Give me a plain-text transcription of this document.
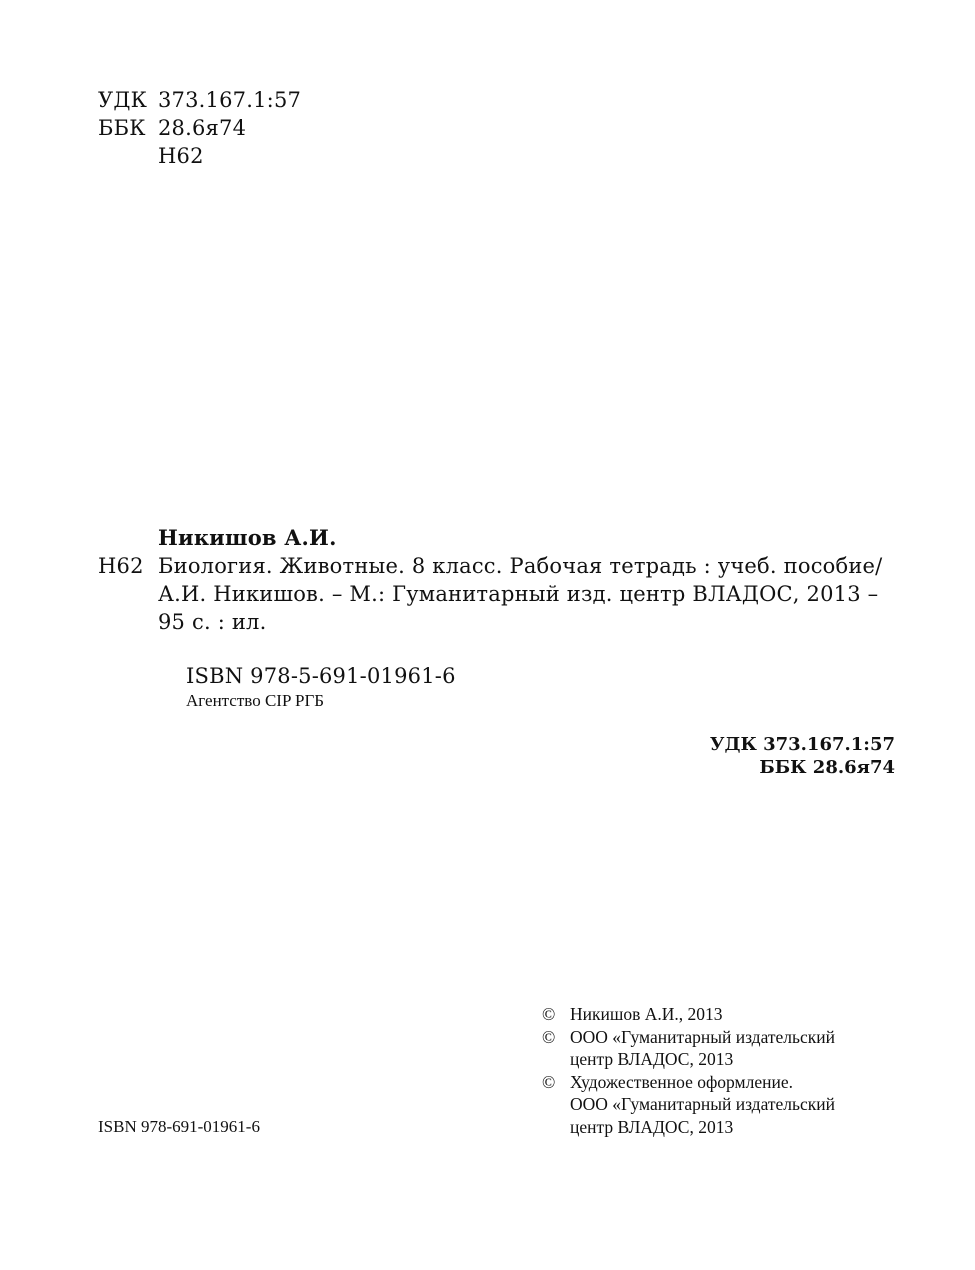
УДК 373.167.1:57
ББК 28.6я74
Н62
Никишов А.И.
Н62 Биология. Животные. 8 класс. Рабочая тетрадь : учеб. пособие/
А.И. Никишов. – М.: Гуманитарный изд. центр ВЛАДОС, 2013 –
95 с. : ил.
ISBN 978-5-691-01961-6
Агентство CIP РГБ
УДК 373.167.1:57
ББК 28.6я74
ISBN 978-691-01961-6
© Никишов А.И., 2013
© ООО «Гуманитарный издательский
центр ВЛАДОС, 2013
© Художественное оформление.
ООО «Гуманитарный издательский
центр ВЛАДОС, 2013
